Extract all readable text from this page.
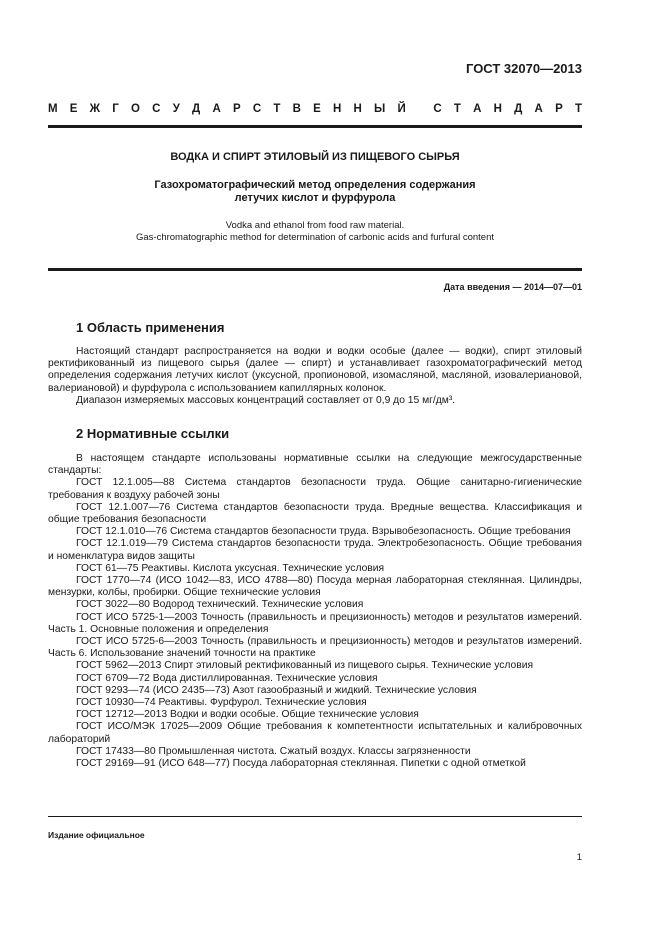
ГОСТ 32070—2013
М Е Ж Г О С У Д А Р С Т В Е Н Н Ы Й
С Т А Н Д А Р Т
ВОДКА И СПИРТ ЭТИЛОВЫЙ ИЗ ПИЩЕВОГО СЫРЬЯ
Газохроматографический метод определения содержания
летучих кислот и фурфурола
Vodka and ethanol from food raw material.
Gas-chromatographic method for determination of carbonic acids and furfural content
Дата введения — 2014—07—01
1 Область применения

Настоящий стандарт распространяется на водки и водки особые (далее — водки), спирт этиловый ректификованный из пищевого сырья (далее — спирт) и устанавливает газохроматографический метод определения содержания летучих кислот (уксусной, пропионовой, изомасляной, масляной, изовалериановой, валериановой) и фурфурола с использованием капиллярных колонок.

Диапазон измеряемых массовых концентраций составляет от 0,9 до 15 мг/дм³.

2 Нормативные ссылки

В настоящем стандарте использованы нормативные ссылки на следующие межгосударственные стандарты:

ГОСТ 12.1.005—88 Система стандартов безопасности труда. Общие санитарно-гигиенические требования к воздуху рабочей зоны

ГОСТ 12.1.007—76 Система стандартов безопасности труда. Вредные вещества. Классификация и общие требования безопасности

ГОСТ 12.1.010—76 Система стандартов безопасности труда. Взрывобезопасность. Общие требования

ГОСТ 12.1.019—79 Система стандартов безопасности труда. Электробезопасность. Общие требования и номенклатура видов защиты

ГОСТ 61—75 Реактивы. Кислота уксусная. Технические условия

ГОСТ 1770—74 (ИСО 1042—83, ИСО 4788—80) Посуда мерная лабораторная стеклянная. Цилиндры, мензурки, колбы, пробирки. Общие технические условия

ГОСТ 3022—80 Водород технический. Технические условия

ГОСТ ИСО 5725-1—2003 Точность (правильность и прецизионность) методов и результатов измерений. Часть 1. Основные положения и определения

ГОСТ ИСО 5725-6—2003 Точность (правильность и прецизионность) методов и результатов измерений. Часть 6. Использование значений точности на практике

ГОСТ 5962—2013 Спирт этиловый ректификованный из пищевого сырья. Технические условия

ГОСТ 6709—72 Вода дистиллированная. Технические условия

ГОСТ 9293—74 (ИСО 2435—73) Азот газообразный и жидкий. Технические условия

ГОСТ 10930—74 Реактивы. Фурфурол. Технические условия

ГОСТ 12712—2013 Водки и водки особые. Общие технические условия

ГОСТ ИСО/МЭК 17025—2009 Общие требования к компетентности испытательных и калибровочных лабораторий

ГОСТ 17433—80 Промышленная чистота. Сжатый воздух. Классы загрязненности

ГОСТ 29169—91 (ИСО 648—77) Посуда лабораторная стеклянная. Пипетки с одной отметкой

Издание официальное
1
